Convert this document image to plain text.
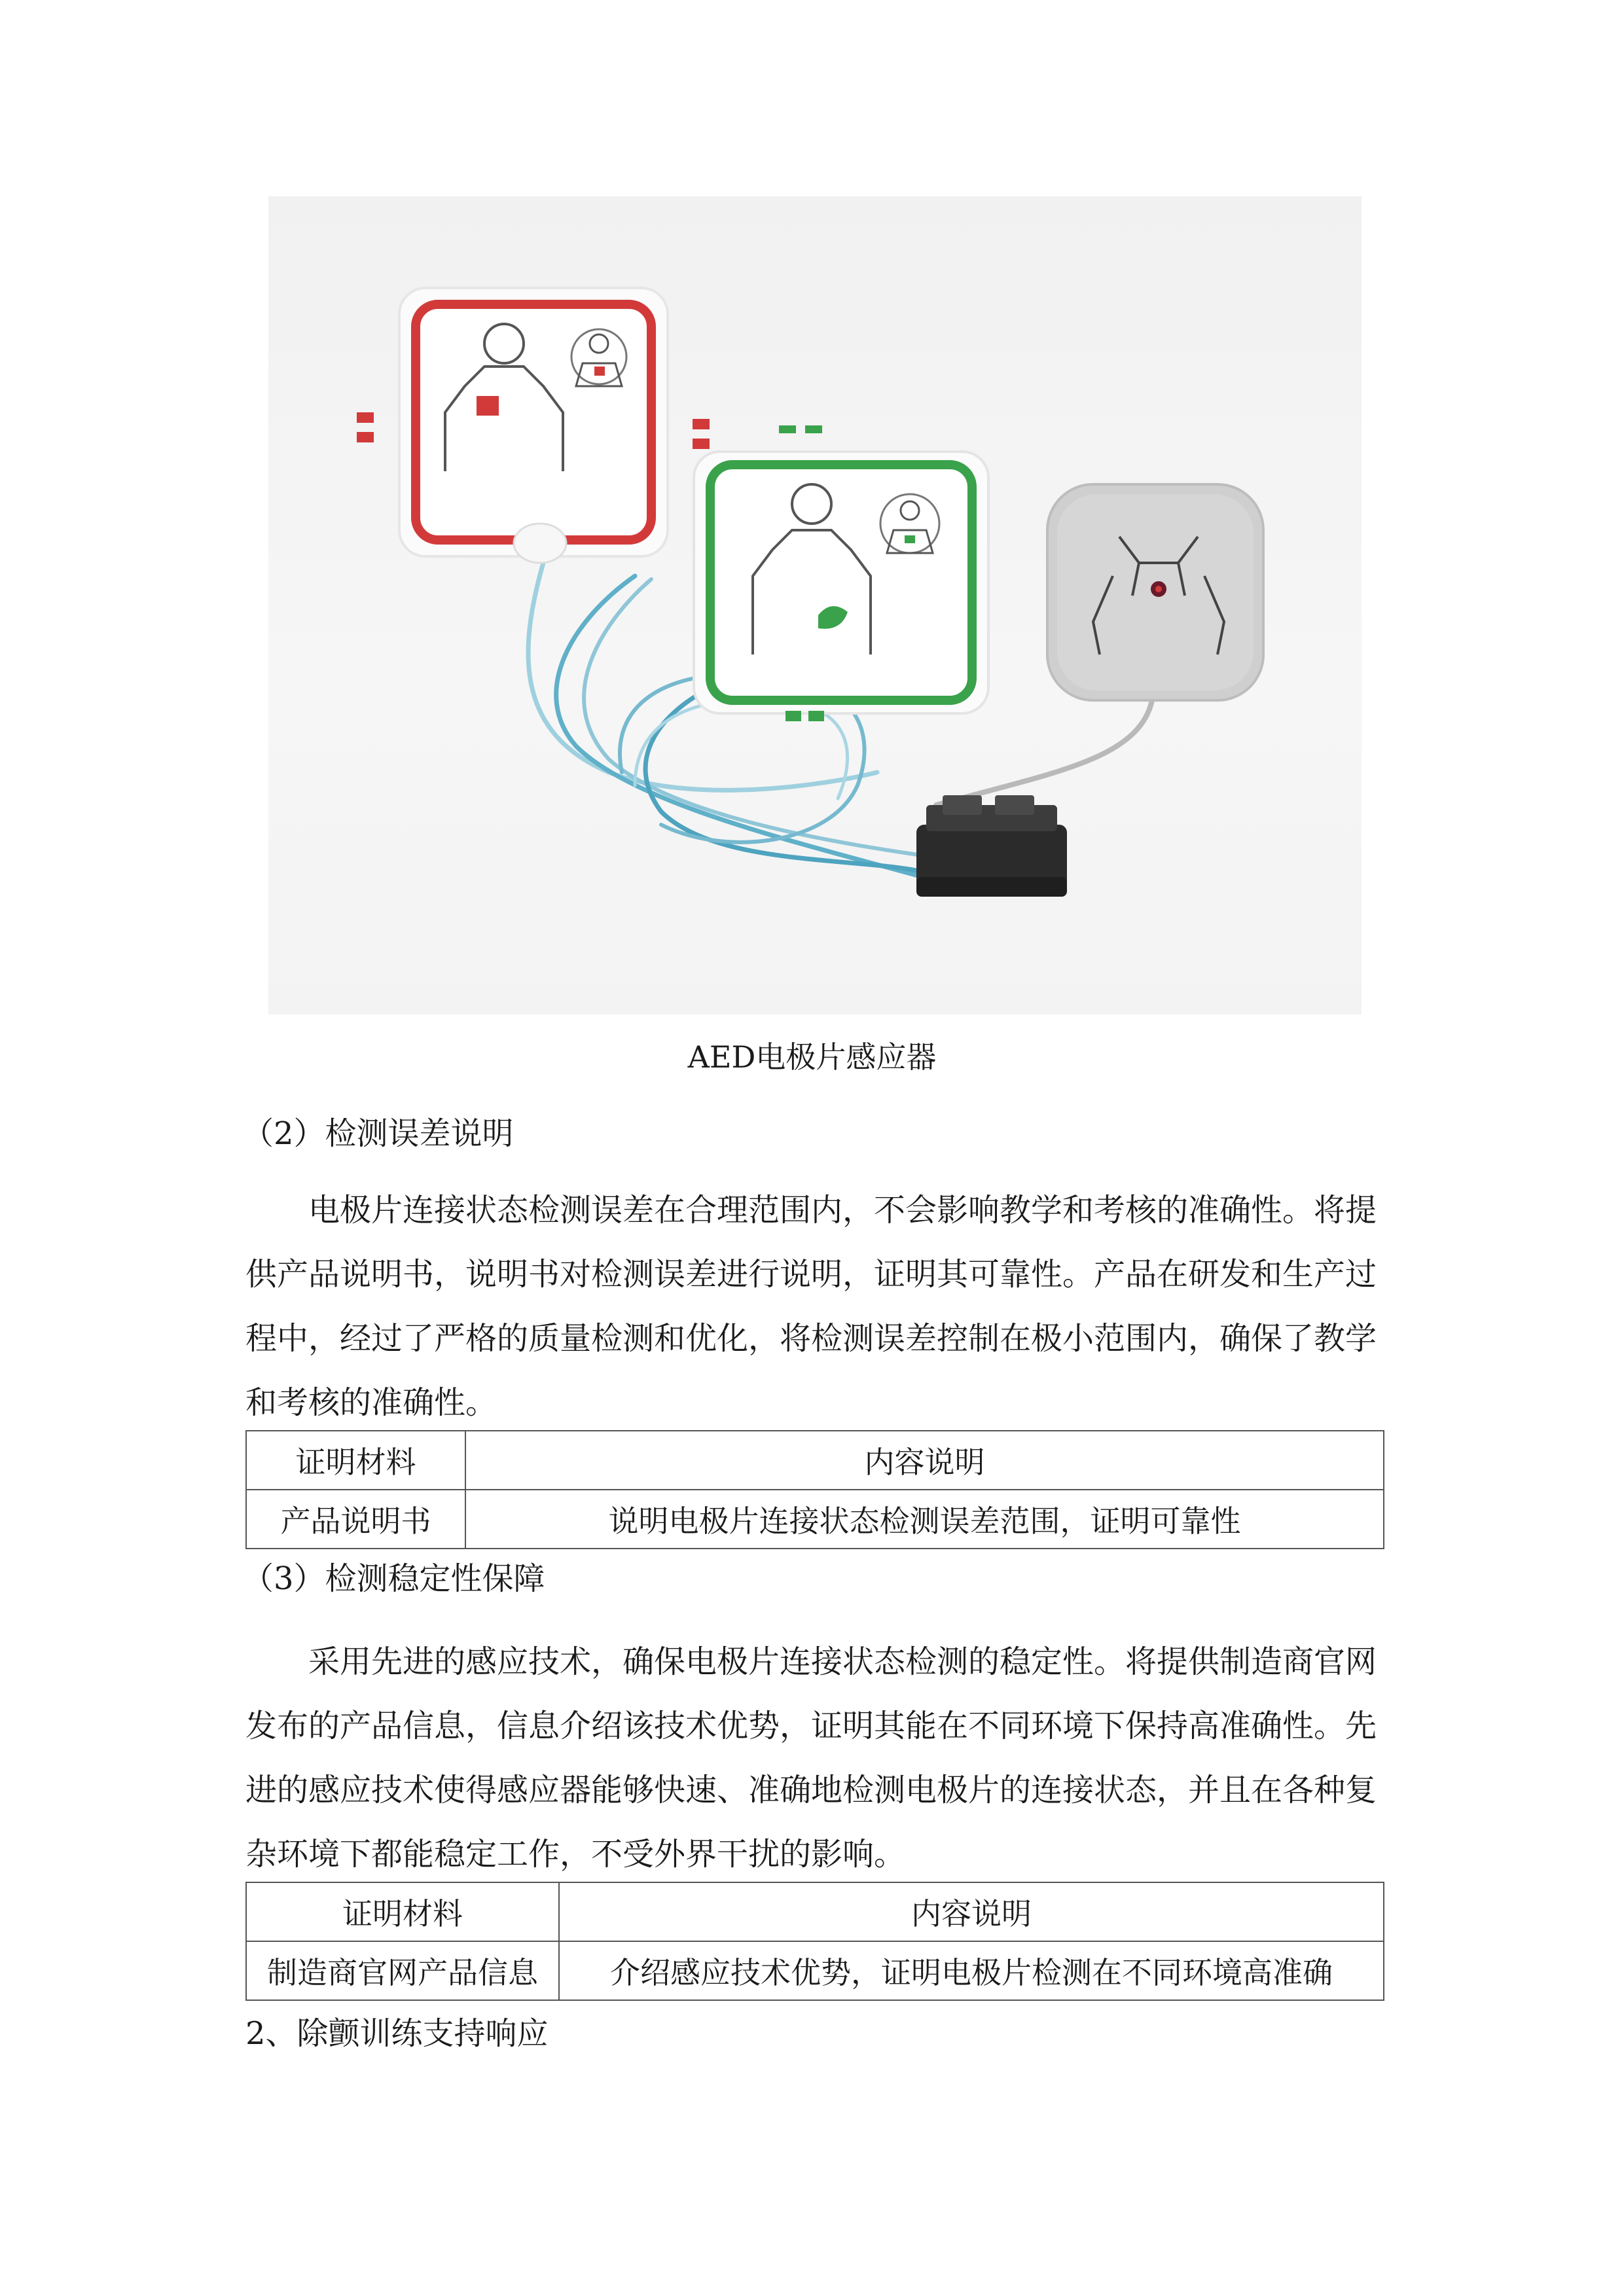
AED电极片感应器
（2）检测误差说明

电极片连接状态检测误差在合理范围内，不会影响教学和考核的准确性。将提供产品说明书，说明书对检测误差进行说明，证明其可靠性。产品在研发和生产过程中，经过了严格的质量检测和优化，将检测误差控制在极小范围内，确保了教学和考核的准确性。

证明材料	内容说明
产品说明书	说明电极片连接状态检测误差范围，证明可靠性
（3）检测稳定性保障

采用先进的感应技术，确保电极片连接状态检测的稳定性。将提供制造商官网发布的产品信息，信息介绍该技术优势，证明其能在不同环境下保持高准确性。先进的感应技术使得感应器能够快速、准确地检测电极片的连接状态，并且在各种复杂环境下都能稳定工作，不受外界干扰的影响。

证明材料	内容说明
制造商官网产品信息	介绍感应技术优势，证明电极片检测在不同环境高准确
2、除颤训练支持响应
